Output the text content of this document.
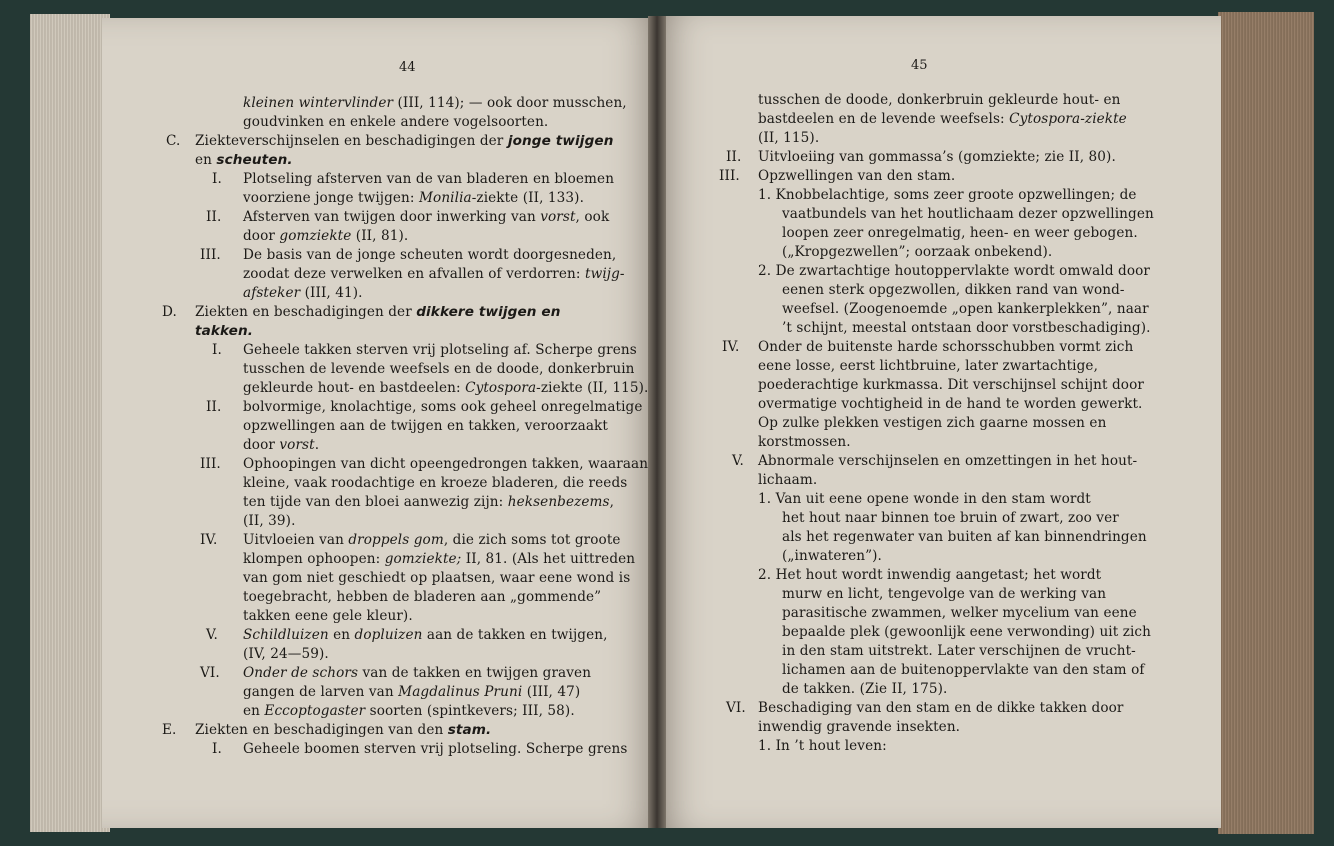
44
kleinen wintervlinder (III, 114); — ook door musschen,
goudvinken en enkele andere vogelsoorten.
C. Ziekteverschijnselen en beschadigingen der jonge twijgen
en scheuten.
I. Plotseling afsterven van de van bladeren en bloemen
voorziene jonge twijgen: Monilia-ziekte (II, 133).
II. Afsterven van twijgen door inwerking van vorst, ook
door gomziekte (II, 81).
III. De basis van de jonge scheuten wordt doorgesneden,
zoodat deze verwelken en afvallen of verdorren: twijg-
afsteker (III, 41).
D. Ziekten en beschadigingen der dikkere twijgen en
takken.
I. Geheele takken sterven vrij plotseling af. Scherpe grens
tusschen de levende weefsels en de doode, donkerbruin
gekleurde hout- en bastdeelen: Cytospora-ziekte (II, 115).
II. bolvormige, knolachtige, soms ook geheel onregelmatige
opzwellingen aan de twijgen en takken, veroorzaakt
door vorst.
III. Ophoopingen van dicht opeengedrongen takken, waaraan
kleine, vaak roodachtige en kroeze bladeren, die reeds
ten tijde van den bloei aanwezig zijn: heksenbezems,
(II, 39).
IV. Uitvloeien van droppels gom, die zich soms tot groote
klompen ophoopen: gomziekte; II, 81. (Als het uittreden
van gom niet geschiedt op plaatsen, waar eene wond is
toegebracht, hebben de bladeren aan „gommende”
takken eene gele kleur).
V. Schildluizen en dopluizen aan de takken en twijgen,
(IV, 24—59).
VI. Onder de schors van de takken en twijgen graven
gangen de larven van Magdalinus Pruni (III, 47)
en Eccoptogaster soorten (spintkevers; III, 58).
E. Ziekten en beschadigingen van den stam.
I. Geheele boomen sterven vrij plotseling. Scherpe grens
45
tusschen de doode, donkerbruin gekleurde hout- en
bastdeelen en de levende weefsels: Cytospora-ziekte
(II, 115).
II. Uitvloeiing van gommassa’s (gomziekte; zie II, 80).
III. Opzwellingen van den stam.
1. Knobbelachtige, soms zeer groote opzwellingen; de
vaatbundels van het houtlichaam dezer opzwellingen
loopen zeer onregelmatig, heen- en weer gebogen.
(„Kropgezwellen”; oorzaak onbekend).
2. De zwartachtige houtoppervlakte wordt omwald door
eenen sterk opgezwollen, dikken rand van wond-
weefsel. (Zoogenoemde „open kankerplekken”, naar
’t schijnt, meestal ontstaan door vorstbeschadiging).
IV. Onder de buitenste harde schorsschubben vormt zich
eene losse, eerst lichtbruine, later zwartachtige,
poederachtige kurkmassa. Dit verschijnsel schijnt door
overmatige vochtigheid in de hand te worden gewerkt.
Op zulke plekken vestigen zich gaarne mossen en
korstmossen.
V. Abnormale verschijnselen en omzettingen in het hout-
lichaam.
1. Van uit eene opene wonde in den stam wordt
het hout naar binnen toe bruin of zwart, zoo ver
als het regenwater van buiten af kan binnendringen
(„inwateren”).
2. Het hout wordt inwendig aangetast; het wordt
murw en licht, tengevolge van de werking van
parasitische zwammen, welker mycelium van eene
bepaalde plek (gewoonlijk eene verwonding) uit zich
in den stam uitstrekt. Later verschijnen de vrucht-
lichamen aan de buitenoppervlakte van den stam of
de takken. (Zie II, 175).
VI. Beschadiging van den stam en de dikke takken door
inwendig gravende insekten.
1. In ’t hout leven:
